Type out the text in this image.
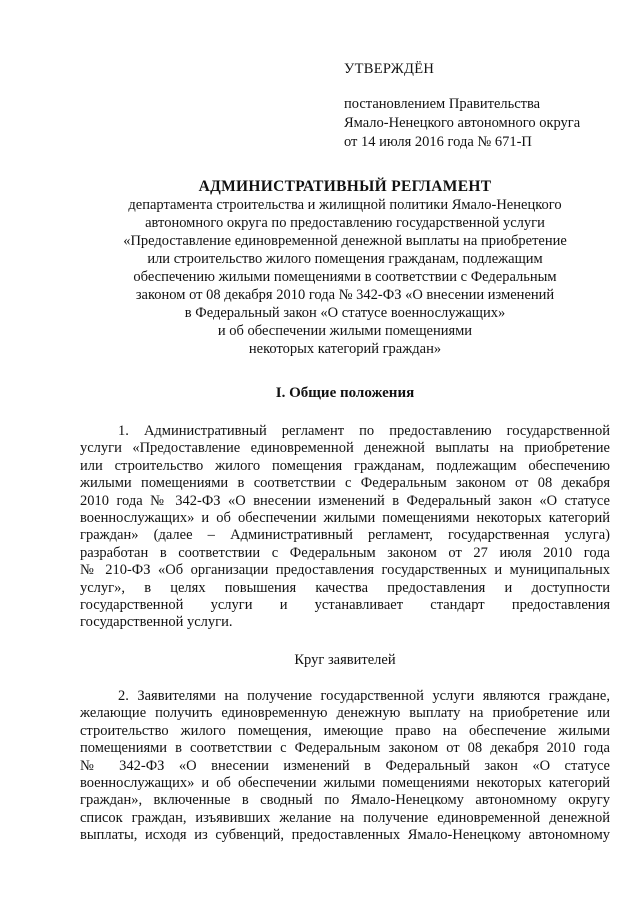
УТВЕРЖДЁН
постановлением Правительства
Ямало-Ненецкого автономного округа
от 14 июля 2016 года № 671-П
АДМИНИСТРАТИВНЫЙ РЕГЛАМЕНТ
департамента строительства и жилищной политики Ямало-Ненецкого
автономного округа по предоставлению государственной услуги
«Предоставление единовременной денежной выплаты на приобретение
или строительство жилого помещения гражданам, подлежащим
обеспечению жилыми помещениями в соответствии с Федеральным
законом от 08 декабря 2010 года № 342-ФЗ «О внесении изменений
в Федеральный закон «О статусе военнослужащих»
и об обеспечении жилыми помещениями
некоторых категорий граждан»
I. Общие положения
1. Административный регламент по предоставлению государственной
услуги «Предоставление единовременной денежной выплаты на приобретение
или строительство жилого помещения гражданам, подлежащим обеспечению
жилыми помещениями в соответствии с Федеральным законом от 08 декабря
2010 года № 342-ФЗ «О внесении изменений в Федеральный закон «О статусе
военнослужащих» и об обеспечении жилыми помещениями некоторых категорий
граждан» (далее – Административный регламент, государственная услуга)
разработан в соответствии с Федеральным законом от 27 июля 2010 года
№ 210-ФЗ «Об организации предоставления государственных и муниципальных
услуг», в целях повышения качества предоставления и доступности
государственной услуги и устанавливает стандарт предоставления
государственной услуги.
Круг заявителей
2. Заявителями на получение государственной услуги являются граждане,
желающие получить единовременную денежную выплату на приобретение или
строительство жилого помещения, имеющие право на обеспечение жилыми
помещениями в соответствии с Федеральным законом от 08 декабря 2010 года
№ 342-ФЗ «О внесении изменений в Федеральный закон «О статусе
военнослужащих» и об обеспечении жилыми помещениями некоторых категорий
граждан», включенные в сводный по Ямало-Ненецкому автономному округу
список граждан, изъявивших желание на получение единовременной денежной
выплаты, исходя из субвенций, предоставленных Ямало-Ненецкому автономному
